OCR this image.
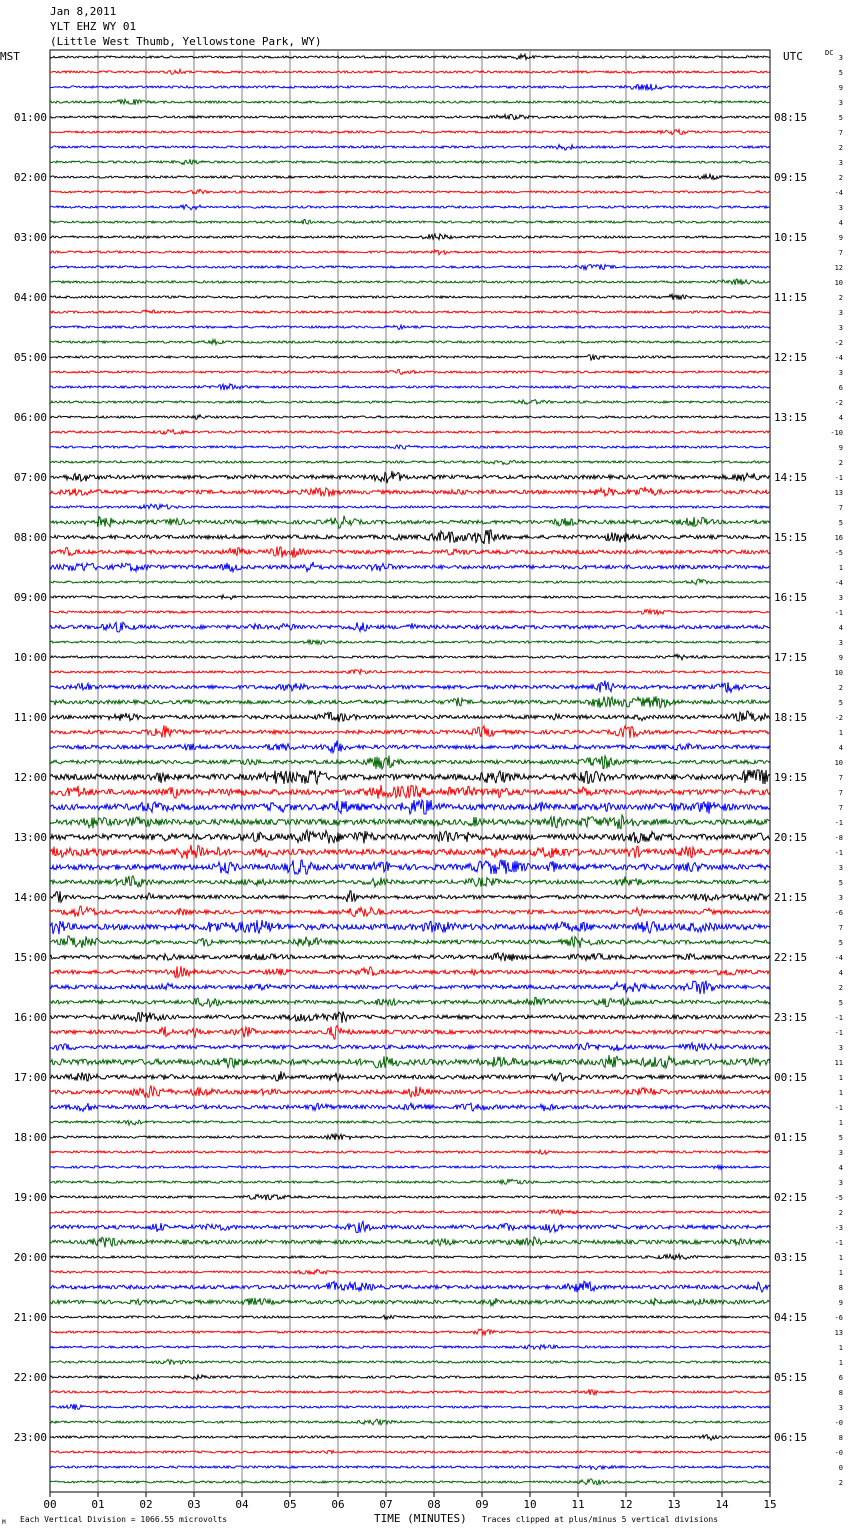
Jan 8,2011
YLT EHZ WY 01
(Little West Thumb, Yellowstone Park, WY)
MST	UTC	DC
00	01	02	03	04	05	06	07	08	09	10	11	12	13	14	15
3
5
9
3
5
7
2
3
2
-4
3
4
9
7
12
10
2
3
3
-2
-4
3
6
-2
4
-10
9
2
-1
13
7
5
16
-5
1
-4
3
-1
4
3
9
10
2
5
-2
1
4
10
7
7
7
-1
-8
-1
3
5
3
-6
7
5
-4
4
2
5
-1
-1
3
11
1
1
-1
1
5
3
4
3
-5
2
-3
-1
1
1
8
9
-6
13
1
1
6
8
3
-0
8
-0
0
2
01:00
02:00
03:00
04:00
05:00
06:00
07:00
08:00
09:00
10:00
11:00
12:00
13:00
14:00
15:00
16:00
17:00
18:00
19:00
20:00
21:00
22:00
23:00
08:15
09:15
10:15
11:15
12:15
13:15
14:15
15:15
16:15
17:15
18:15
19:15
20:15
21:15
22:15
23:15
00:15
01:15
02:15
03:15
04:15
05:15
06:15
M Each Vertical Division = 1066.55 microvolts	TIME (MINUTES) Traces clipped at plus/minus 5 vertical divisions
